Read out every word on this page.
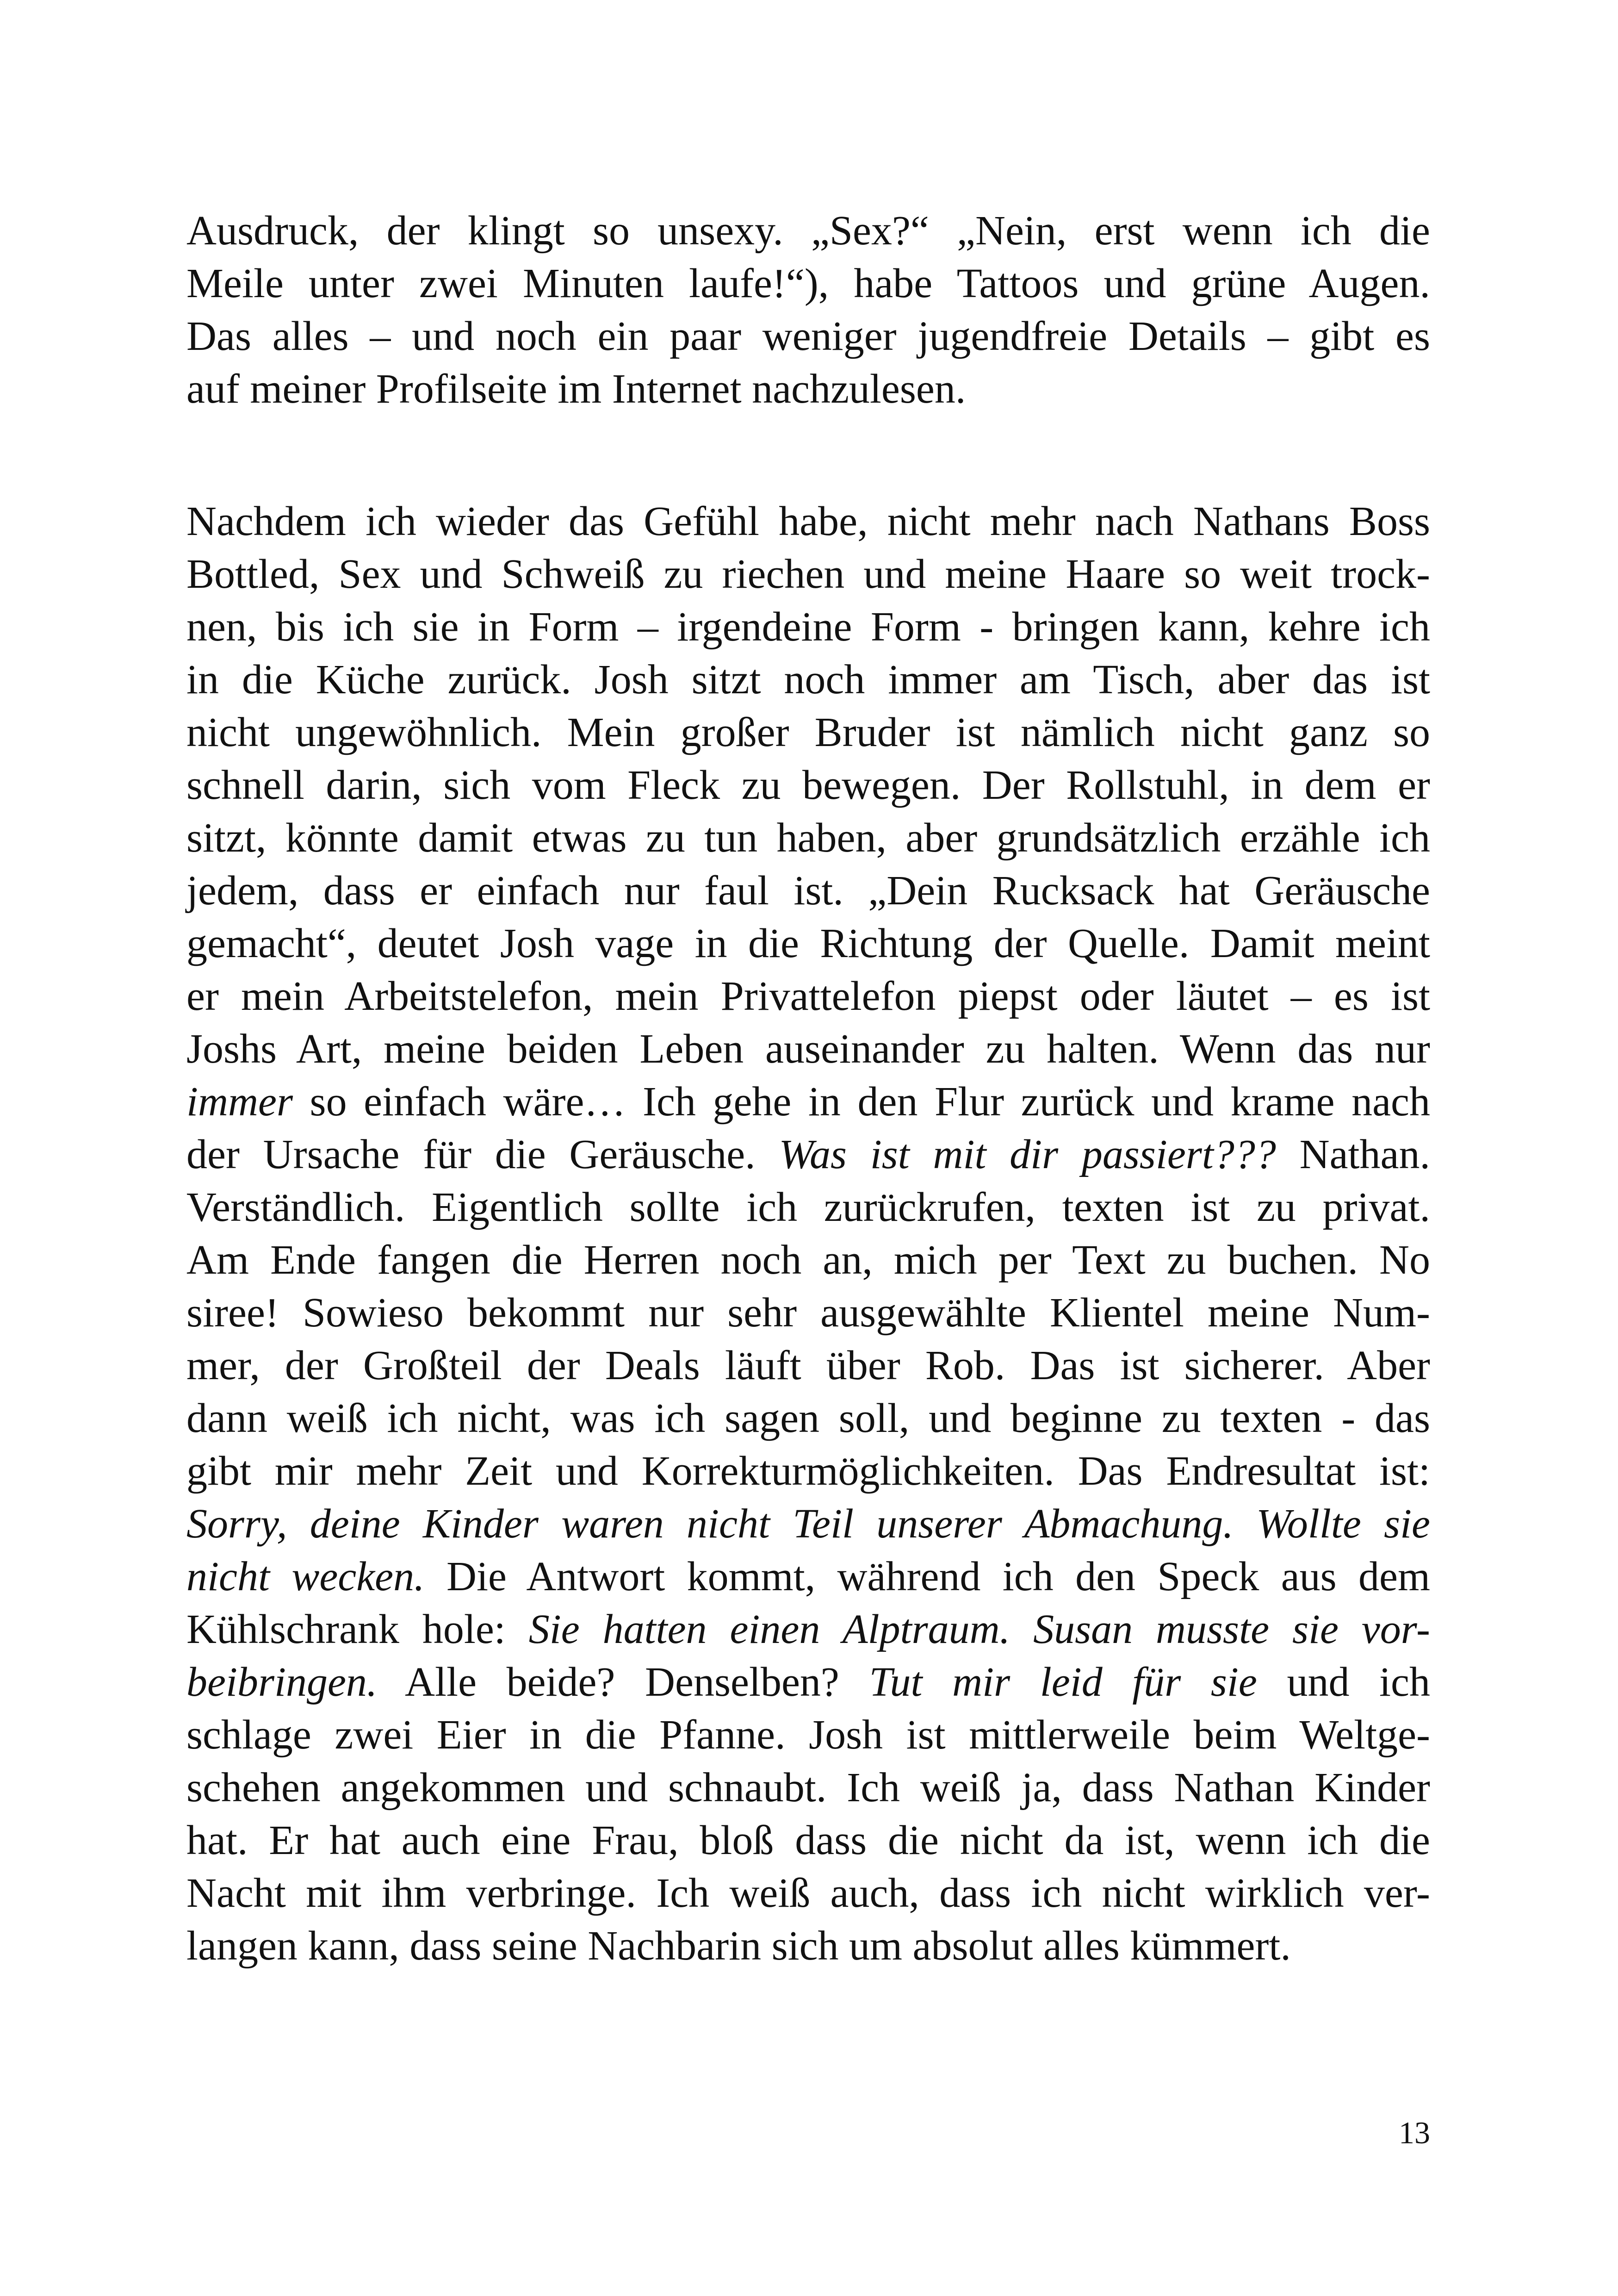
Ausdruck, der klingt so unsexy. „Sex?“ „Nein, erst wenn ich die
Meile unter zwei Minuten laufe!“), habe Tattoos und grüne Augen.
Das alles – und noch ein paar weniger jugendfreie Details – gibt es
auf meiner Profilseite im Internet nachzulesen.
Nachdem ich wieder das Gefühl habe, nicht mehr nach Nathans Boss
Bottled, Sex und Schweiß zu riechen und meine Haare so weit trock-
nen, bis ich sie in Form – irgendeine Form - bringen kann, kehre ich
in die Küche zurück. Josh sitzt noch immer am Tisch, aber das ist
nicht ungewöhnlich. Mein großer Bruder ist nämlich nicht ganz so
schnell darin, sich vom Fleck zu bewegen. Der Rollstuhl, in dem er
sitzt, könnte damit etwas zu tun haben, aber grundsätzlich erzähle ich
jedem, dass er einfach nur faul ist. „Dein Rucksack hat Geräusche
gemacht“, deutet Josh vage in die Richtung der Quelle. Damit meint
er mein Arbeitstelefon, mein Privattelefon piepst oder läutet – es ist
Joshs Art, meine beiden Leben auseinander zu halten. Wenn das nur
immer so einfach wäre… Ich gehe in den Flur zurück und krame nach
der Ursache für die Geräusche. Was ist mit dir passiert??? Nathan.
Verständlich. Eigentlich sollte ich zurückrufen, texten ist zu privat.
Am Ende fangen die Herren noch an, mich per Text zu buchen. No
siree! Sowieso bekommt nur sehr ausgewählte Klientel meine Num-
mer, der Großteil der Deals läuft über Rob. Das ist sicherer. Aber
dann weiß ich nicht, was ich sagen soll, und beginne zu texten - das
gibt mir mehr Zeit und Korrekturmöglichkeiten. Das Endresultat ist:
Sorry, deine Kinder waren nicht Teil unserer Abmachung. Wollte sie
nicht wecken. Die Antwort kommt, während ich den Speck aus dem
Kühlschrank hole: Sie hatten einen Alptraum. Susan musste sie vor-
beibringen. Alle beide? Denselben? Tut mir leid für sie und ich
schlage zwei Eier in die Pfanne. Josh ist mittlerweile beim Weltge-
schehen angekommen und schnaubt. Ich weiß ja, dass Nathan Kinder
hat. Er hat auch eine Frau, bloß dass die nicht da ist, wenn ich die
Nacht mit ihm verbringe. Ich weiß auch, dass ich nicht wirklich ver-
langen kann, dass seine Nachbarin sich um absolut alles kümmert.
13
